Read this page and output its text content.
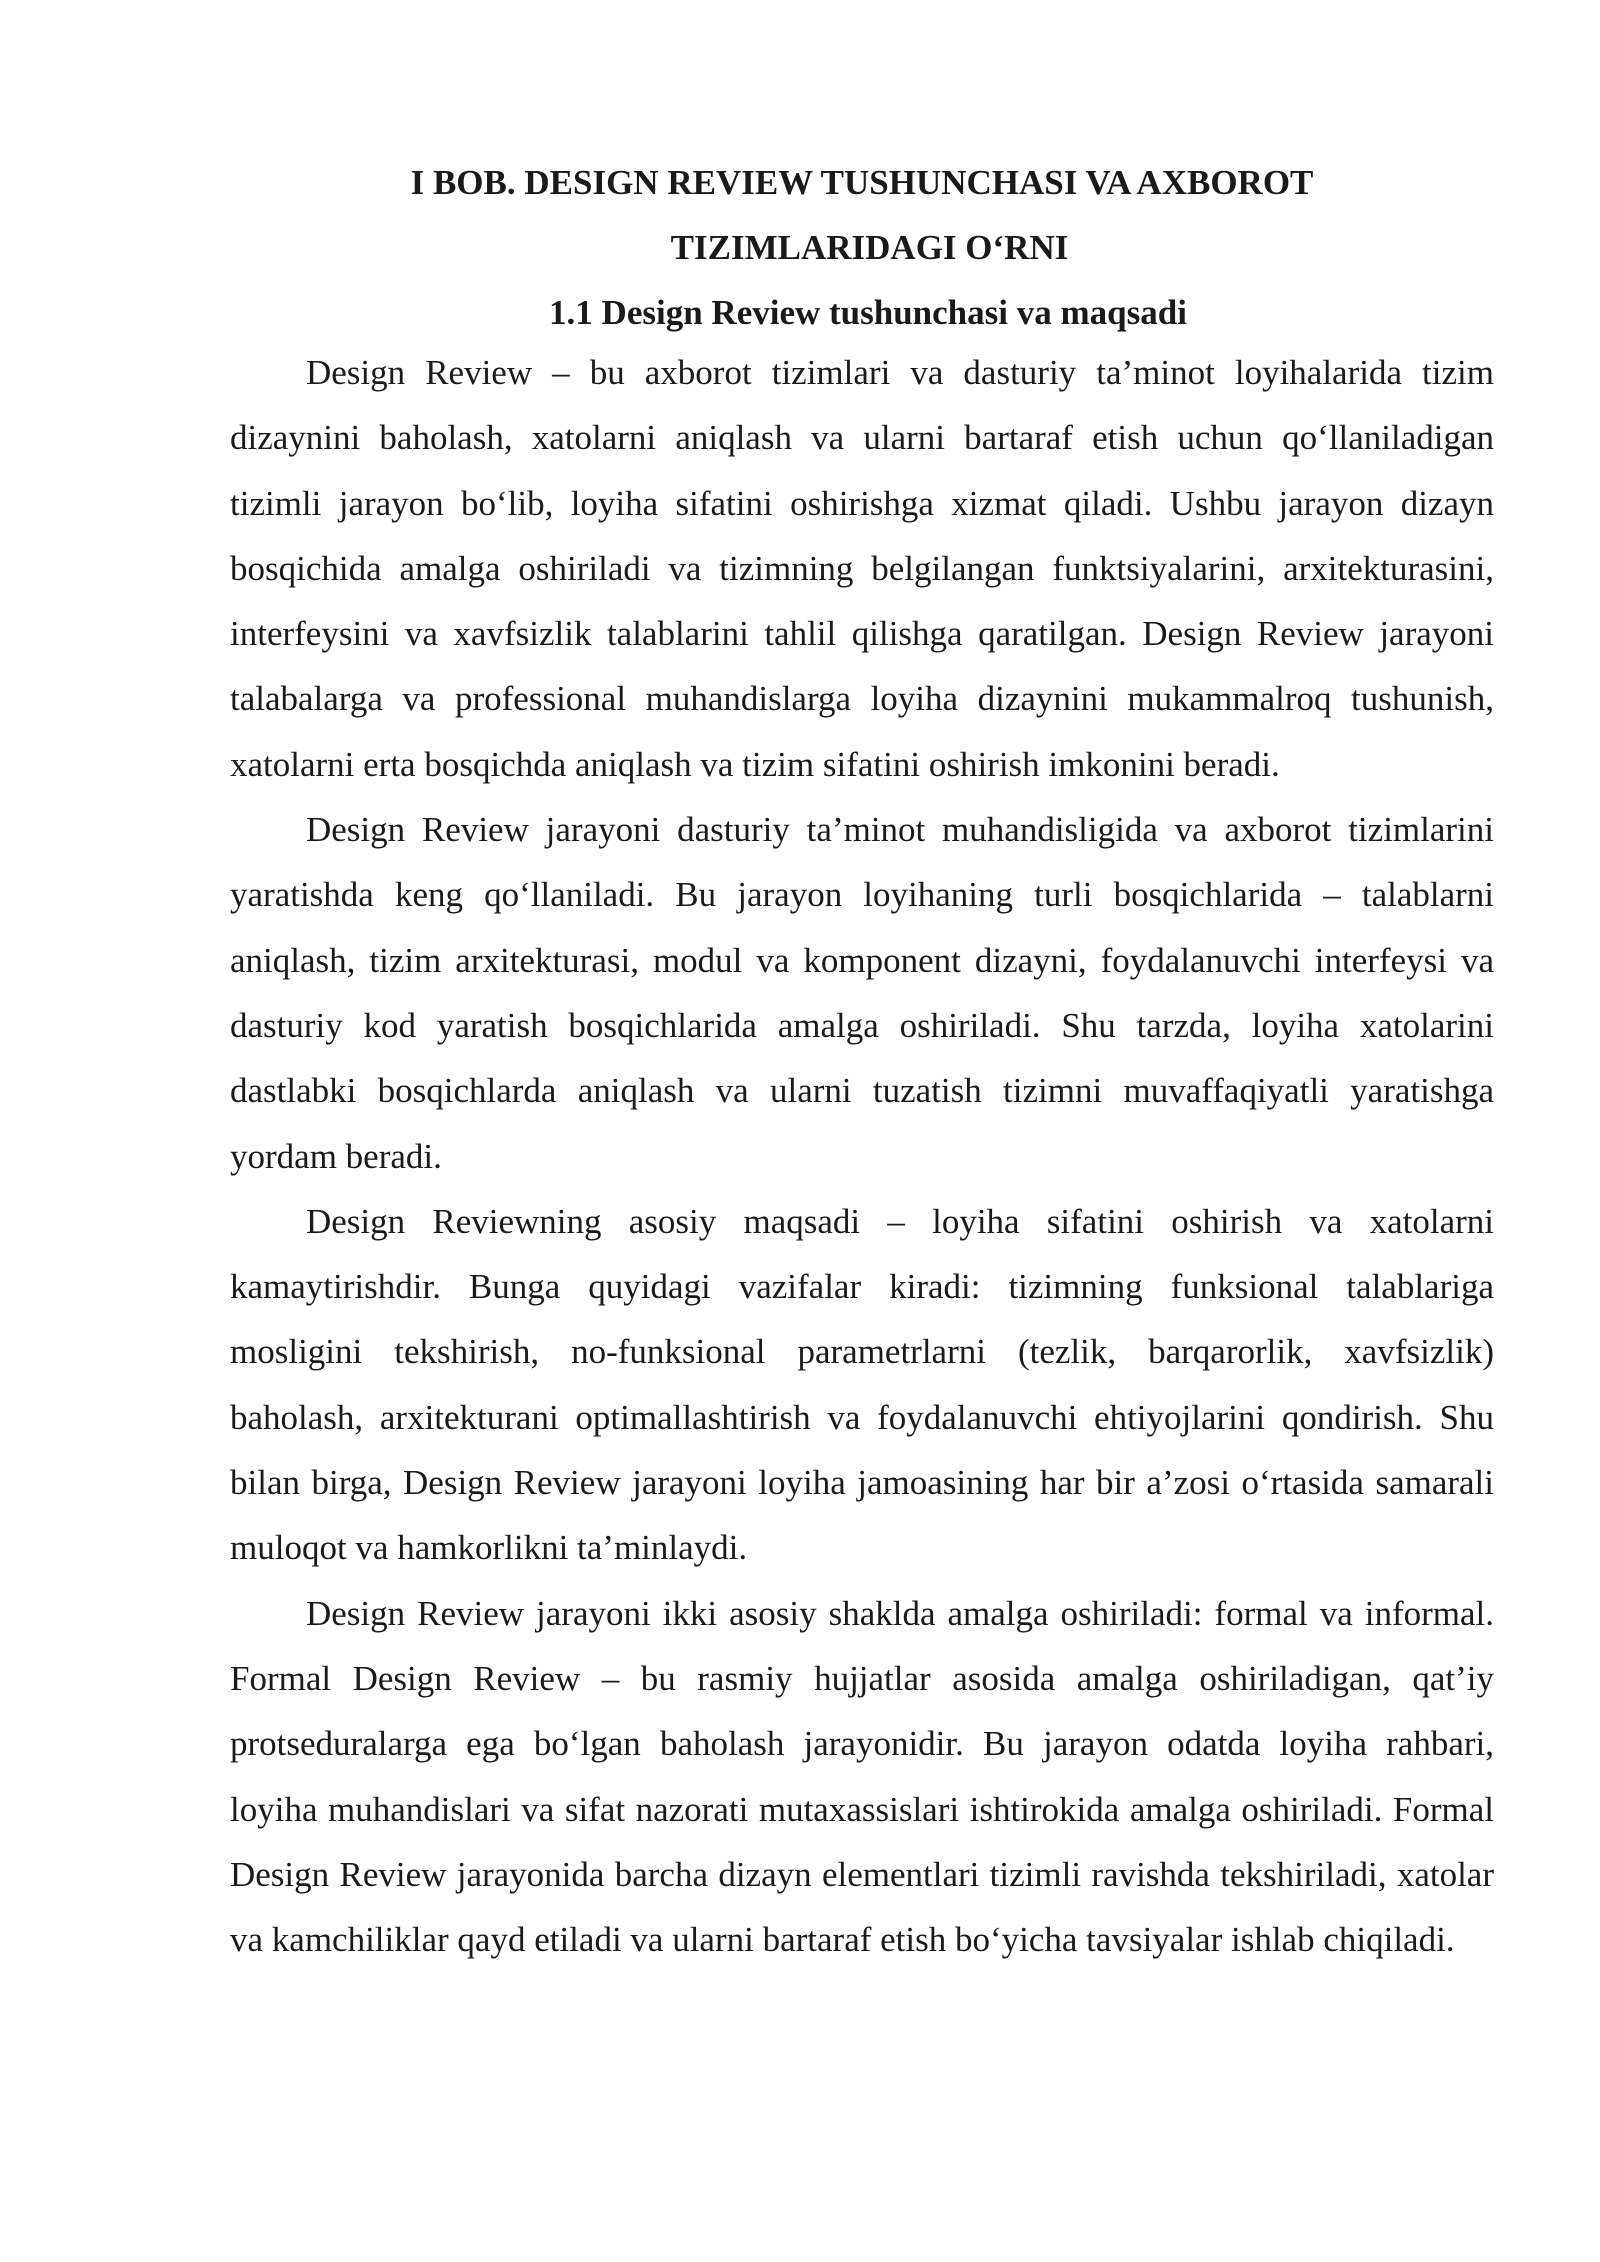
I BOB. DESIGN REVIEW TUSHUNCHASI VA AXBOROT
TIZIMLARIDAGI O‘RNI
1.1 Design Review tushunchasi va maqsadi

Design Review – bu axborot tizimlari va dasturiy ta’minot loyihalarida tizim dizaynini baholash, xatolarni aniqlash va ularni bartaraf etish uchun qo‘llaniladigan tizimli jarayon bo‘lib, loyiha sifatini oshirishga xizmat qiladi. Ushbu jarayon dizayn bosqichida amalga oshiriladi va tizimning belgilangan funktsiyalarini, arxitekturasini, interfeysini va xavfsizlik talablarini tahlil qilishga qaratilgan. Design Review jarayoni talabalarga va professional muhandislarga loyiha dizaynini mukammalroq tushunish, xatolarni erta bosqichda aniqlash va tizim sifatini oshirish imkonini beradi.

Design Review jarayoni dasturiy ta’minot muhandisligida va axborot tizimlarini yaratishda keng qo‘llaniladi. Bu jarayon loyihaning turli bosqichlarida – talablarni aniqlash, tizim arxitekturasi, modul va komponent dizayni, foydalanuvchi interfeysi va dasturiy kod yaratish bosqichlarida amalga oshiriladi. Shu tarzda, loyiha xatolarini dastlabki bosqichlarda aniqlash va ularni tuzatish tizimni muvaffaqiyatli yaratishga yordam beradi.

Design Reviewning asosiy maqsadi – loyiha sifatini oshirish va xatolarni kamaytirishdir. Bunga quyidagi vazifalar kiradi: tizimning funksional talablariga mosligini tekshirish, no-funksional parametrlarni (tezlik, barqarorlik, xavfsizlik) baholash, arxitekturani optimallashtirish va foydalanuvchi ehtiyojlarini qondirish. Shu bilan birga, Design Review jarayoni loyiha jamoasining har bir a’zosi o‘rtasida samarali muloqot va hamkorlikni ta’minlaydi.

Design Review jarayoni ikki asosiy shaklda amalga oshiriladi: formal va informal. Formal Design Review – bu rasmiy hujjatlar asosida amalga oshiriladigan, qat’iy protseduralarga ega bo‘lgan baholash jarayonidir. Bu jarayon odatda loyiha rahbari, loyiha muhandislari va sifat nazorati mutaxassislari ishtirokida amalga oshiriladi. Formal Design Review jarayonida barcha dizayn elementlari tizimli ravishda tekshiriladi, xatolar va kamchiliklar qayd etiladi va ularni bartaraf etish bo‘yicha tavsiyalar ishlab chiqiladi.
